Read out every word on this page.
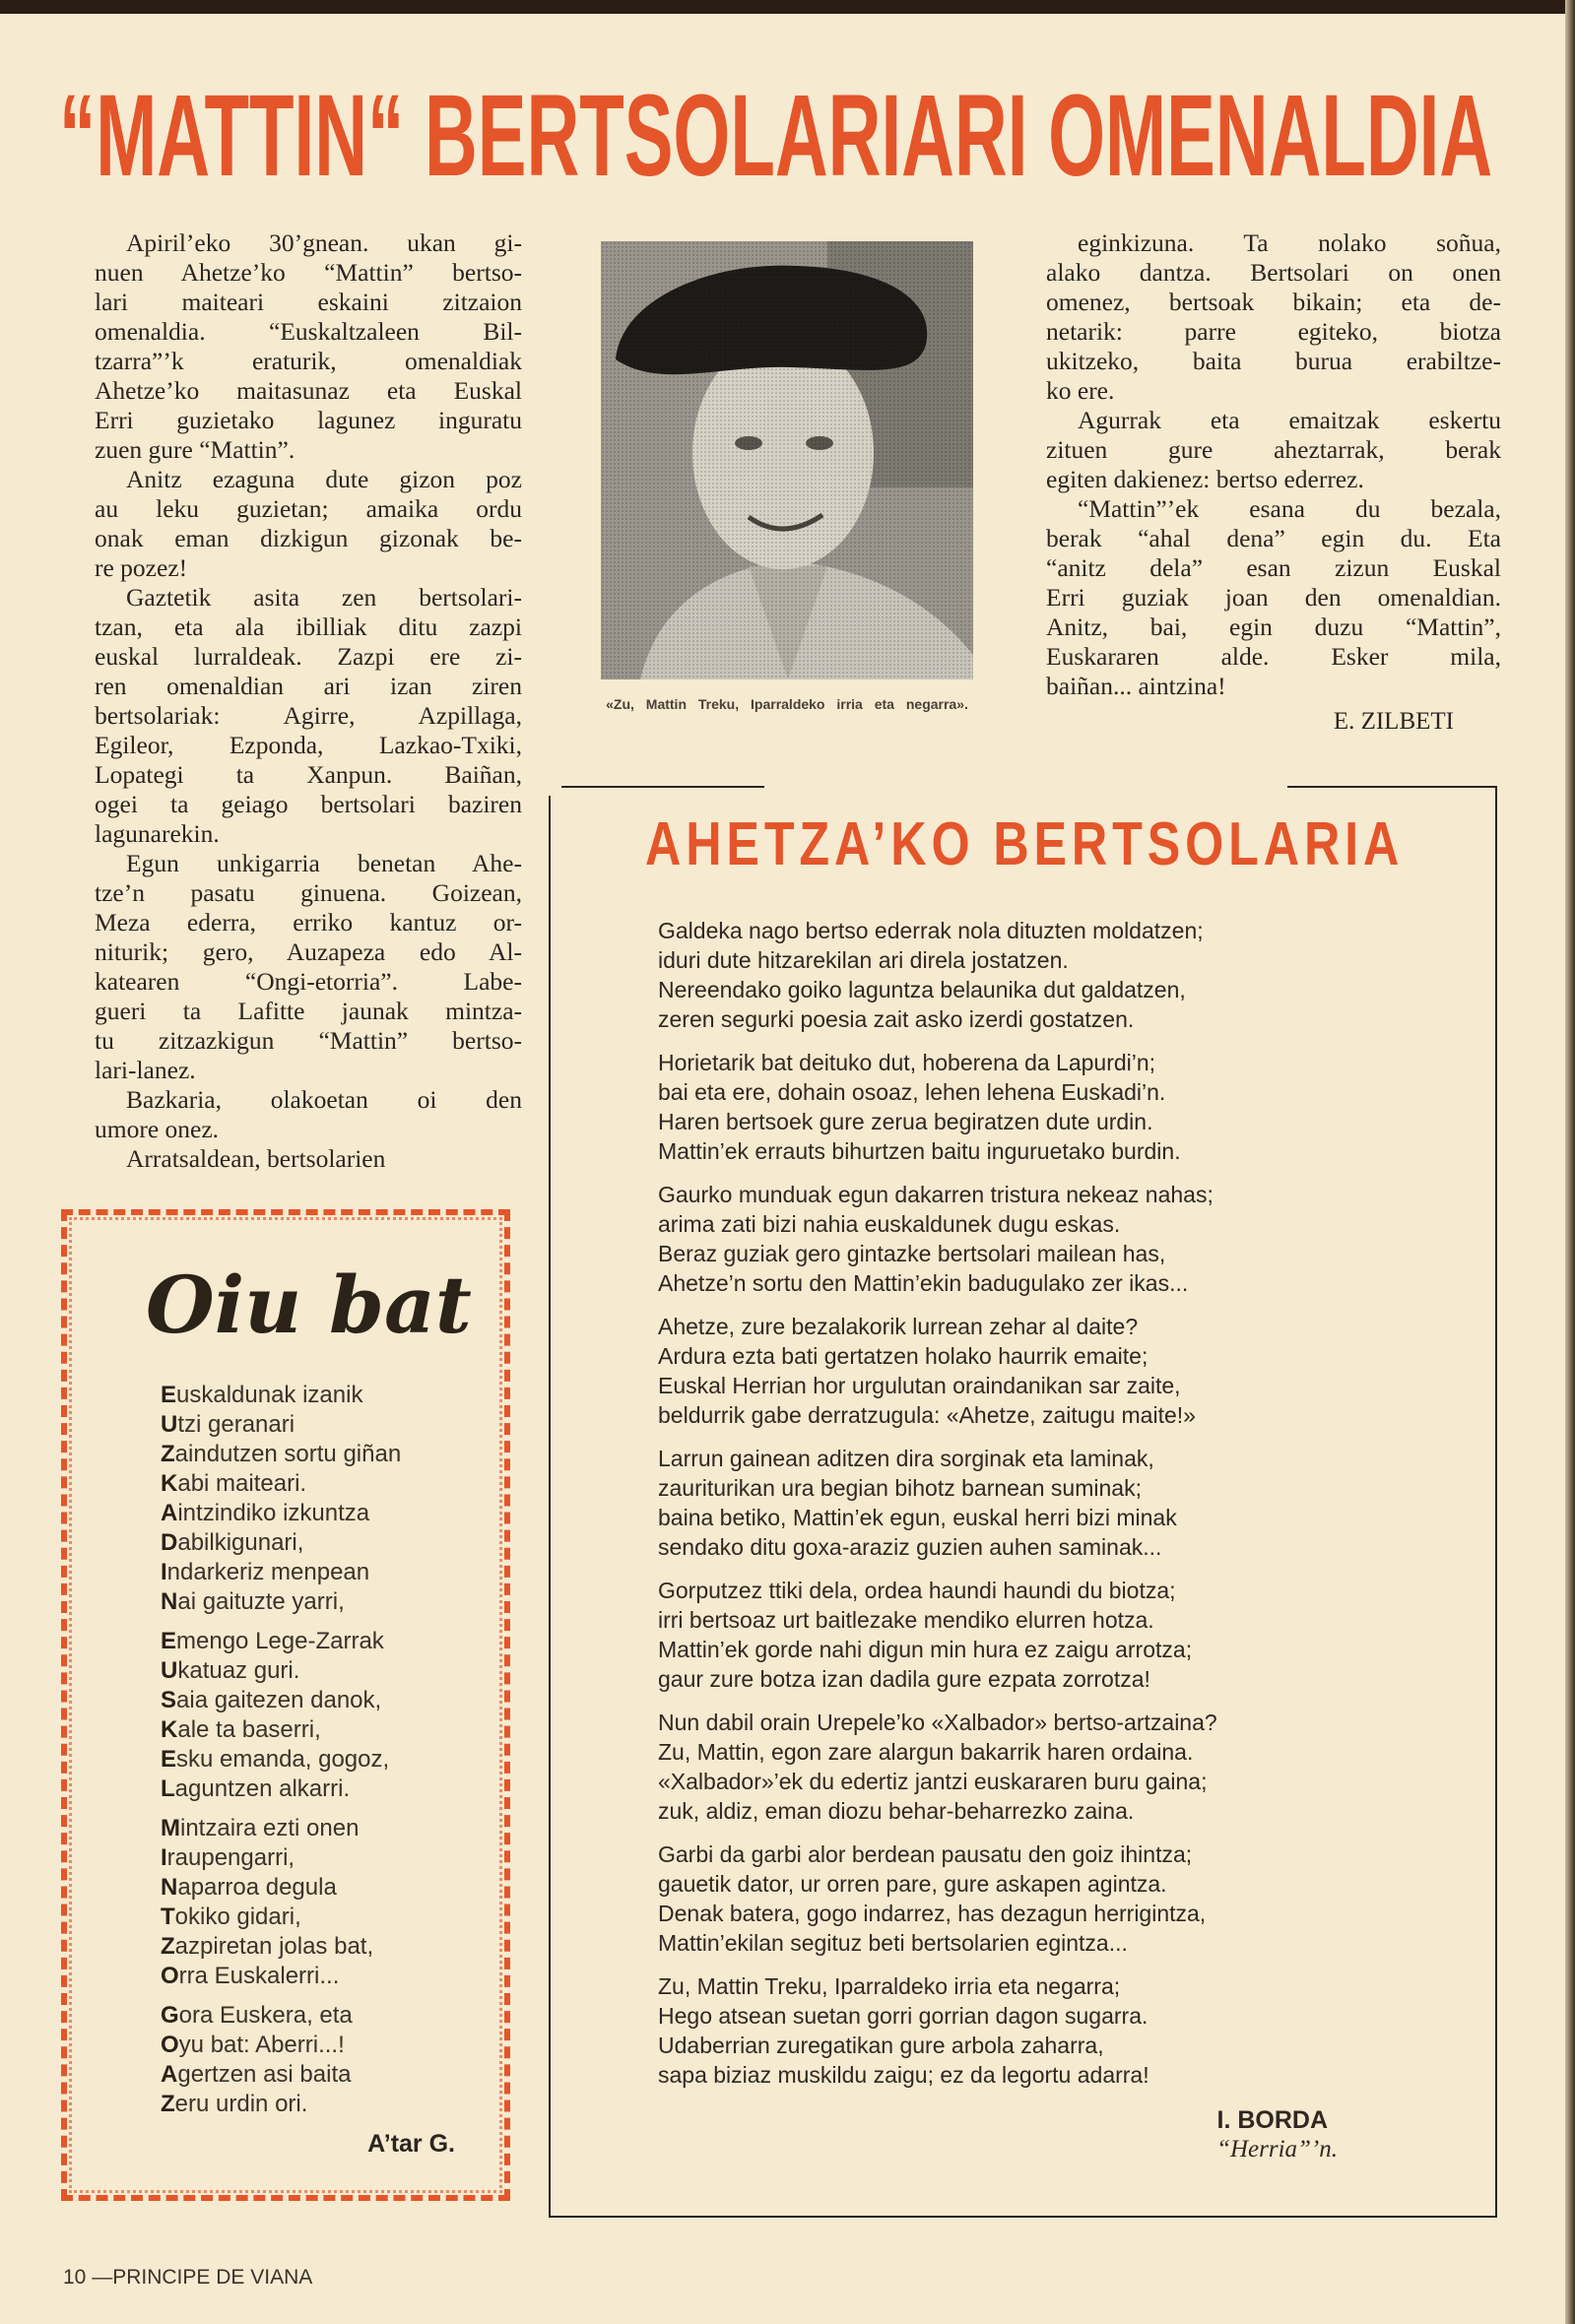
“MATTIN“ BERTSOLARIARI OMENALDIA
Apiril’eko 30’gnean. ukan gi-
nuen Ahetze’ko “Mattin” bertso-
lari maiteari eskaini zitzaion
omenaldia. “Euskaltzaleen Bil-
tzarra”’k eraturik, omenaldiak
Ahetze’ko maitasunaz eta Euskal
Erri guzietako lagunez inguratu
zuen gure “Mattin”.
Anitz ezaguna dute gizon poz
au leku guzietan; amaika ordu
onak eman dizkigun gizonak be-
re pozez!
Gaztetik asita zen bertsolari-
tzan, eta ala ibilliak ditu zazpi
euskal lurraldeak. Zazpi ere zi-
ren omenaldian ari izan ziren
bertsolariak: Agirre, Azpillaga,
Egileor, Ezponda, Lazkao-Txiki,
Lopategi ta Xanpun. Baiñan,
ogei ta geiago bertsolari baziren
lagunarekin.
Egun unkigarria benetan Ahe-
tze’n pasatu ginuena. Goizean,
Meza ederra, erriko kantuz or-
niturik; gero, Auzapeza edo Al-
katearen “Ongi-etorria”. Labe-
gueri ta Lafitte jaunak mintza-
tu zitzazkigun “Mattin” bertso-
lari-lanez.
Bazkaria, olakoetan oi den
umore onez.
Arratsaldean, bertsolarien
«Zu, Mattin Treku, Iparraldeko irria eta negarra».
eginkizuna. Ta nolako soñua,
alako dantza. Bertsolari on onen
omenez, bertsoak bikain; eta de-
netarik: parre egiteko, biotza
ukitzeko, baita burua erabiltze-
ko ere.
Agurrak eta emaitzak eskertu
zituen gure aheztarrak, berak
egiten dakienez: bertso ederrez.
“Mattin”’ek esana du bezala,
berak “ahal dena” egin du. Eta
“anitz dela” esan zizun Euskal
Erri guziak joan den omenaldian.
Anitz, bai, egin duzu “Mattin”,
Euskararen alde. Esker mila,
baiñan... aintzina!
E. ZILBETI
AHETZA’KO BERTSOLARIA
Galdeka nago bertso ederrak nola dituzten moldatzen;
iduri dute hitzarekilan ari direla jostatzen.
Nereendako goiko laguntza belaunika dut galdatzen,
zeren segurki poesia zait asko izerdi gostatzen.
Horietarik bat deituko dut, hoberena da Lapurdi’n;
bai eta ere, dohain osoaz, lehen lehena Euskadi’n.
Haren bertsoek gure zerua begiratzen dute urdin.
Mattin’ek errauts bihurtzen baitu inguruetako burdin.
Gaurko munduak egun dakarren tristura nekeaz nahas;
arima zati bizi nahia euskaldunek dugu eskas.
Beraz guziak gero gintazke bertsolari mailean has,
Ahetze’n sortu den Mattin’ekin badugulako zer ikas...
Ahetze, zure bezalakorik lurrean zehar al daite?
Ardura ezta bati gertatzen holako haurrik emaite;
Euskal Herrian hor urgulutan oraindanikan sar zaite,
beldurrik gabe derratzugula: «Ahetze, zaitugu maite!»
Larrun gainean aditzen dira sorginak eta laminak,
zauriturikan ura begian bihotz barnean suminak;
baina betiko, Mattin’ek egun, euskal herri bizi minak
sendako ditu goxa-araziz guzien auhen saminak...
Gorputzez ttiki dela, ordea haundi haundi du biotza;
irri bertsoaz urt baitlezake mendiko elurren hotza.
Mattin’ek gorde nahi digun min hura ez zaigu arrotza;
gaur zure botza izan dadila gure ezpata zorrotza!
Nun dabil orain Urepele’ko «Xalbador» bertso-artzaina?
Zu, Mattin, egon zare alargun bakarrik haren ordaina.
«Xalbador»’ek du edertiz jantzi euskararen buru gaina;
zuk, aldiz, eman diozu behar-beharrezko zaina.
Garbi da garbi alor berdean pausatu den goiz ihintza;
gauetik dator, ur orren pare, gure askapen agintza.
Denak batera, gogo indarrez, has dezagun herrigintza,
Mattin’ekilan segituz beti bertsolarien egintza...
Zu, Mattin Treku, Iparraldeko irria eta negarra;
Hego atsean suetan gorri gorrian dagon sugarra.
Udaberrian zuregatikan gure arbola zaharra,
sapa biziaz muskildu zaigu; ez da legortu adarra!
I. BORDA
“Herria”’n.
Oiu bat
Euskaldunak izanik
Utzi geranari
Zaindutzen sortu giñan
Kabi maiteari.
Aintzindiko izkuntza
Dabilkigunari,
Indarkeriz menpean
Nai gaituzte yarri,
Emengo Lege-Zarrak
Ukatuaz guri.
Saia gaitezen danok,
Kale ta baserri,
Esku emanda, gogoz,
Laguntzen alkarri.
Mintzaira ezti onen
Iraupengarri,
Naparroa degula
Tokiko gidari,
Zazpiretan jolas bat,
Orra Euskalerri...
Gora Euskera, eta
Oyu bat: Aberri...!
Agertzen asi baita
Zeru urdin ori.
A’tar G.
10 —PRINCIPE DE VIANA
